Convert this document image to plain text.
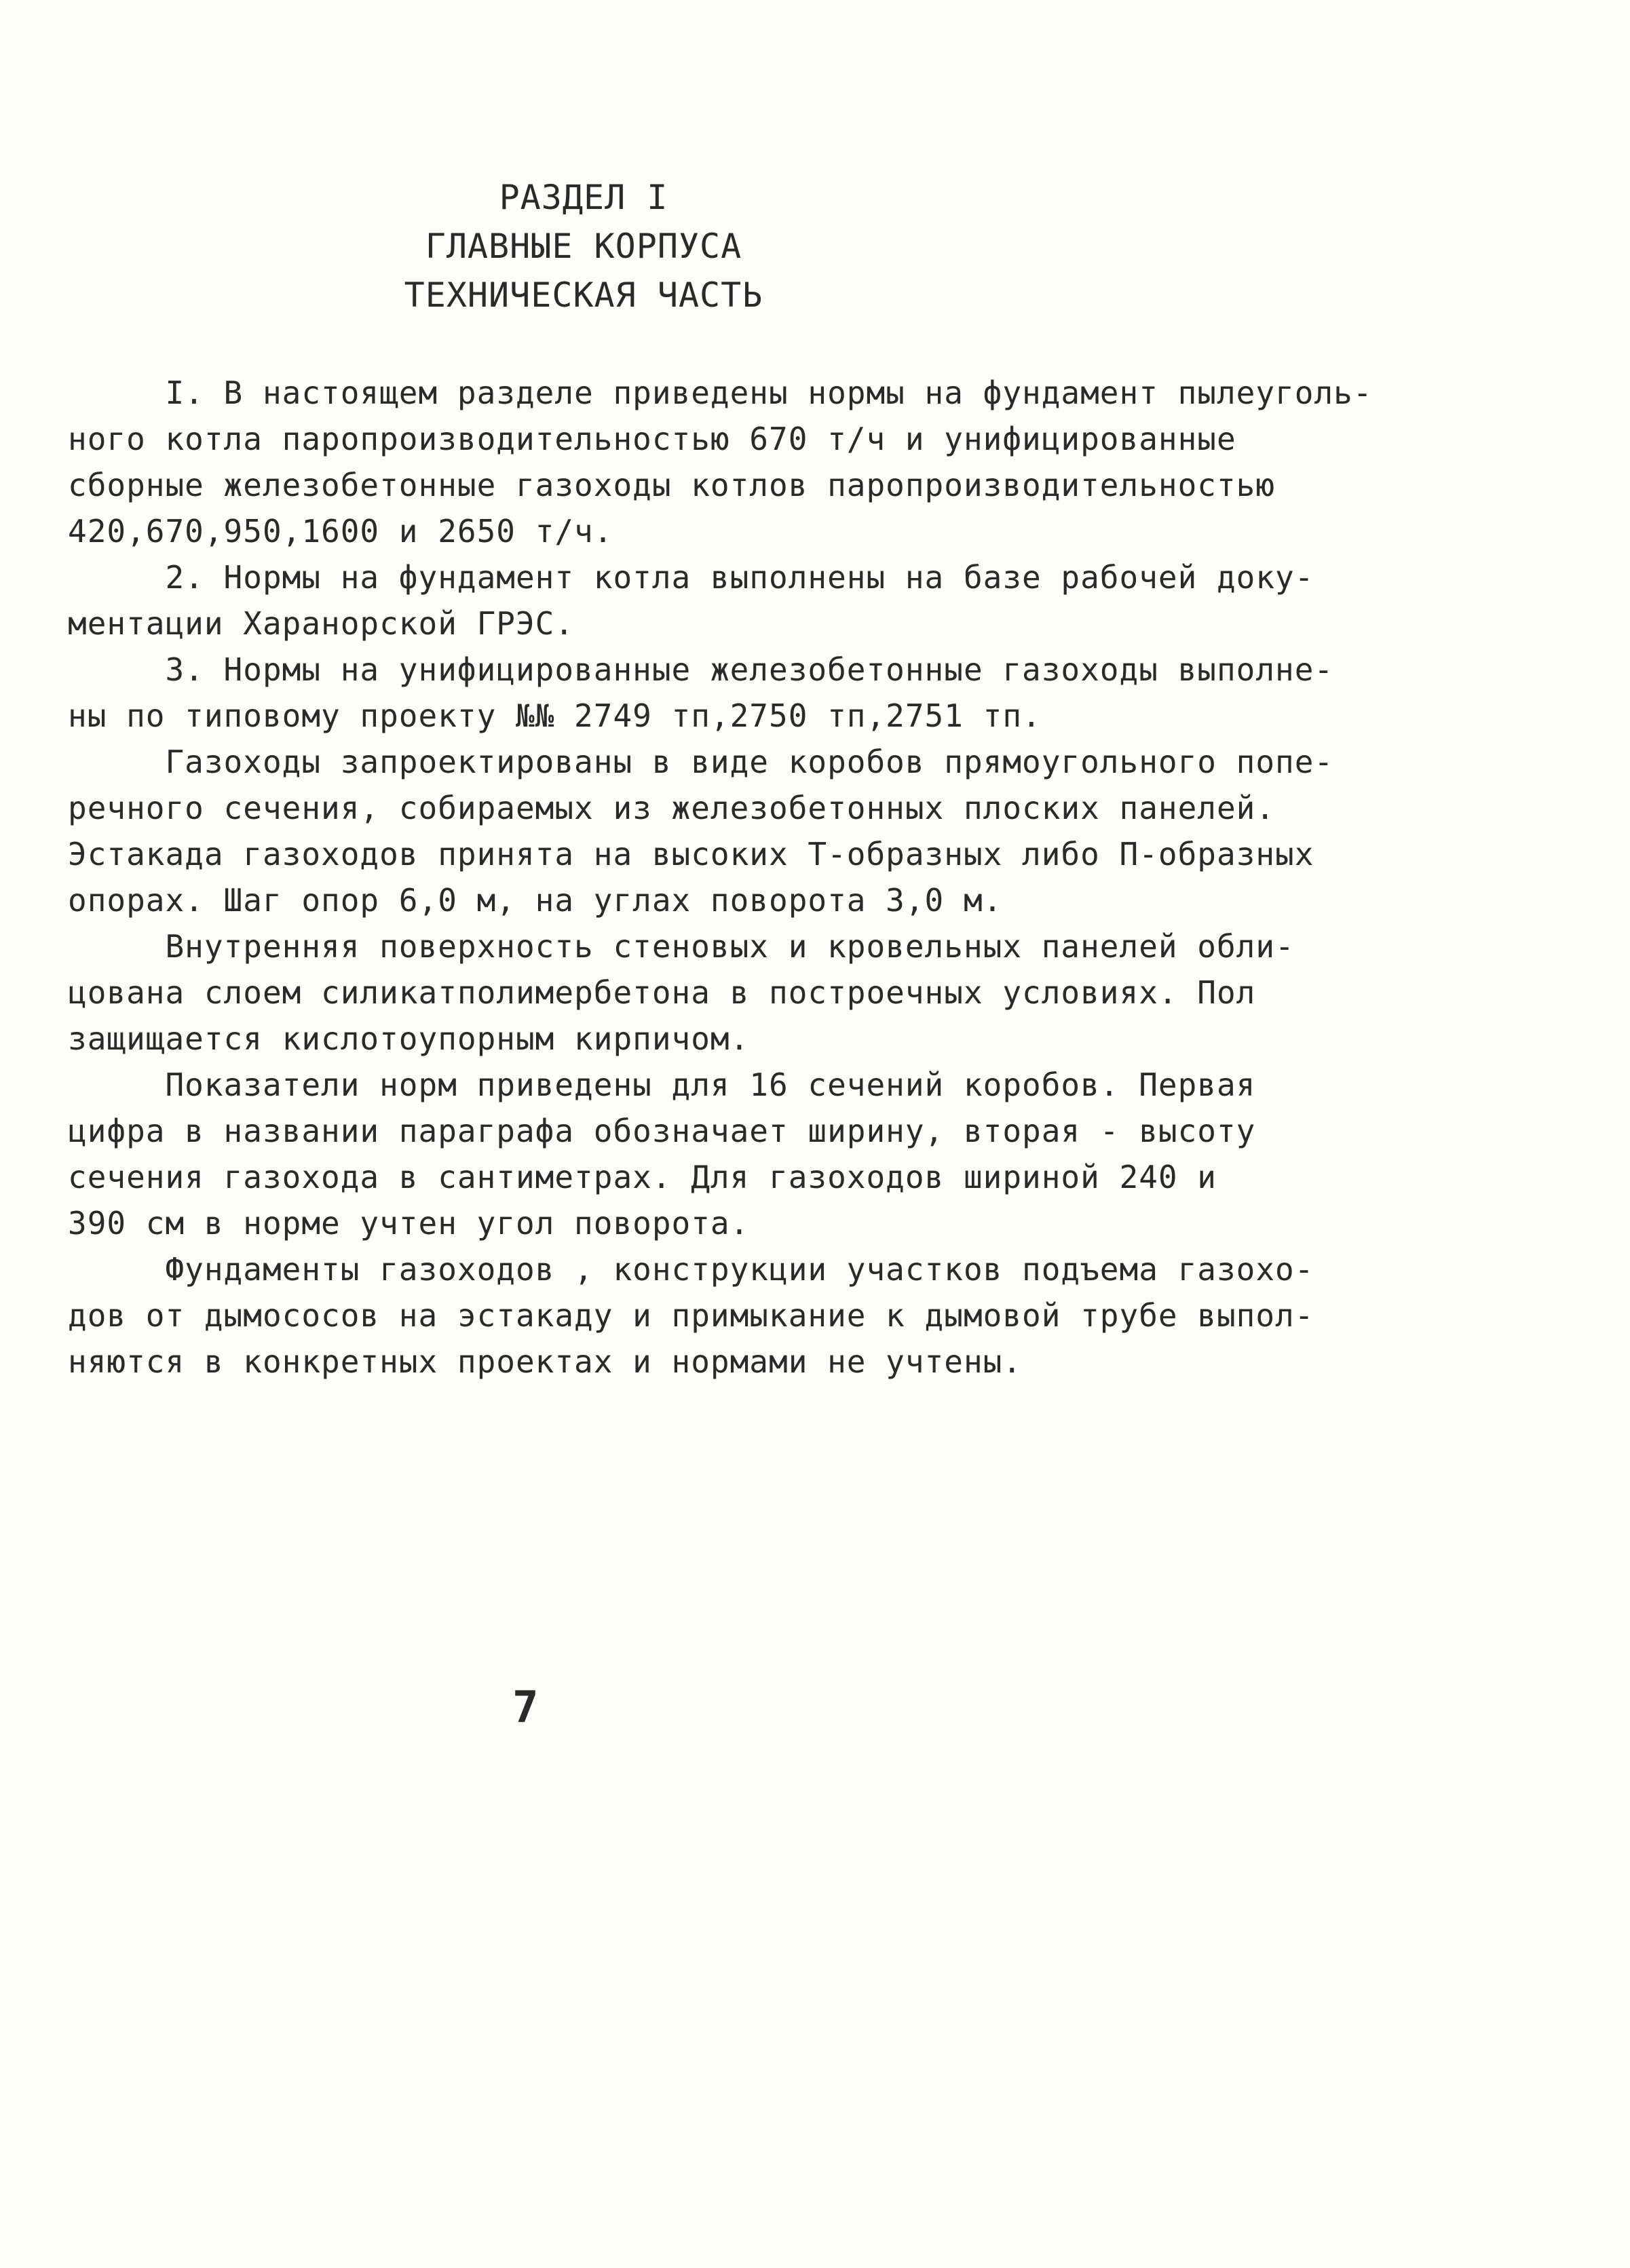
РАЗДЕЛ I
ГЛАВНЫЕ КОРПУСА
ТЕХНИЧЕСКАЯ ЧАСТЬ
I. В настоящем разделе приведены нормы на фундамент пылеуголь-
ного котла паропроизводительностью 670 т/ч и унифицированные
сборные железобетонные газоходы котлов паропроизводительностью
420,670,950,1600 и 2650 т/ч.
2. Нормы на фундамент котла выполнены на базе рабочей доку-
ментации Харанорской ГРЭС.
3. Нормы на унифицированные железобетонные газоходы выполне-
ны по типовому проекту №№ 2749 тп,2750 тп,2751 тп.
Газоходы запроектированы в виде коробов прямоугольного попе-
речного сечения, собираемых из железобетонных плоских панелей.
Эстакада газоходов принята на высоких Т-образных либо П-образных
опорах. Шаг опор 6,0 м, на углах поворота 3,0 м.
Внутренняя поверхность стеновых и кровельных панелей обли-
цована слоем силикатполимербетона в построечных условиях. Пол
защищается кислотоупорным кирпичом.
Показатели норм приведены для 16 сечений коробов. Первая
цифра в названии параграфа обозначает ширину, вторая - высоту
сечения газохода в сантиметрах. Для газоходов шириной 240 и
390 см в норме учтен угол поворота.
Фундаменты газоходов , конструкции участков подъема газохо-
дов от дымососов на эстакаду и примыкание к дымовой трубе выпол-
няются в конкретных проектах и нормами не учтены.
7
